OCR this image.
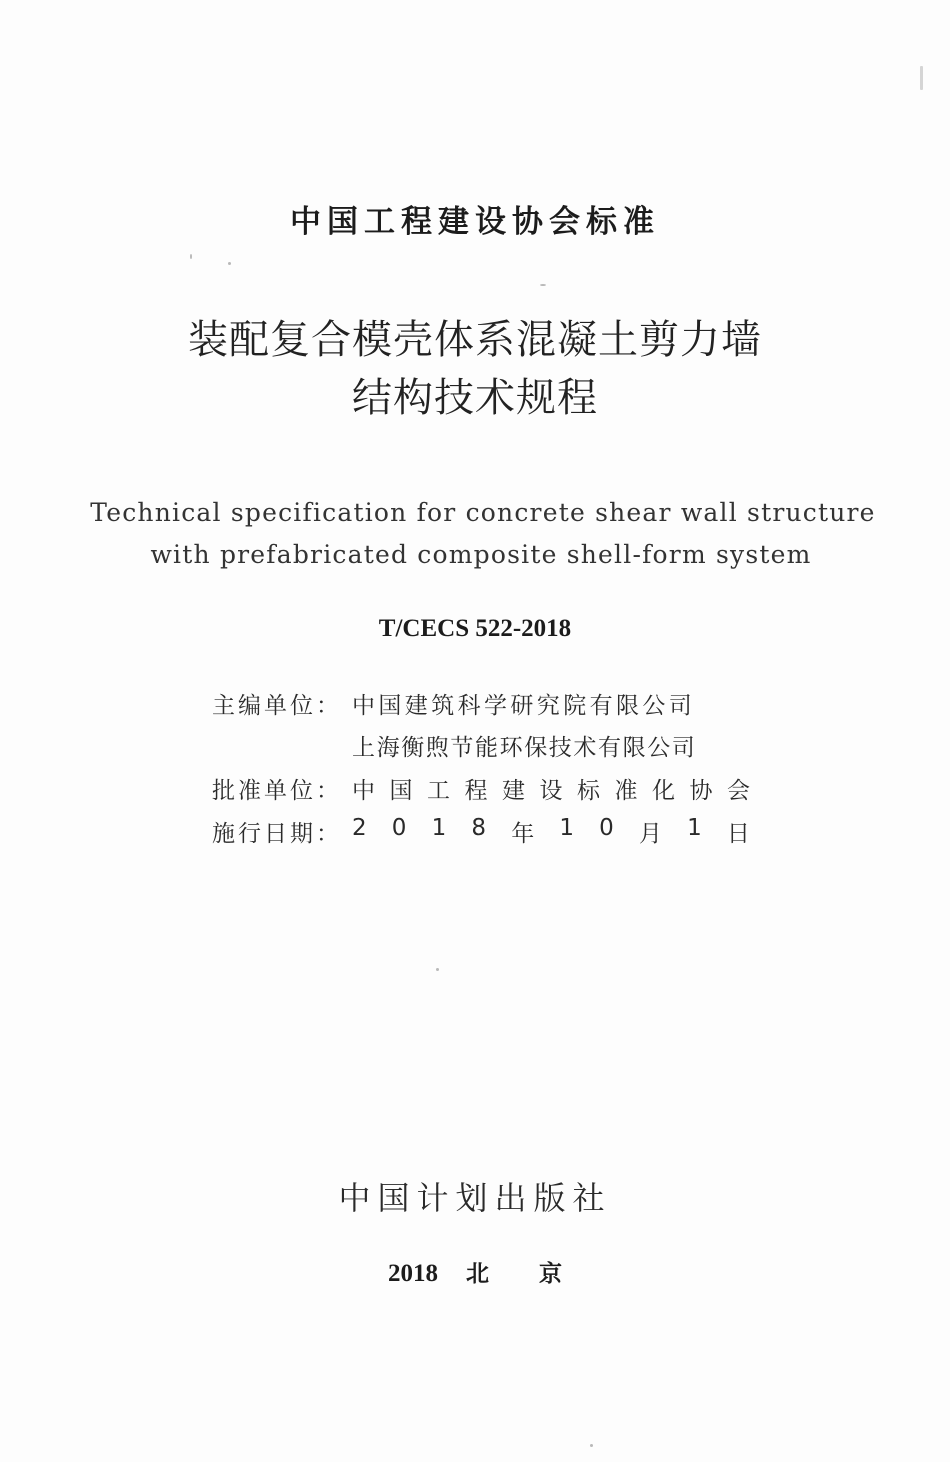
中国工程建设协会标准
装配复合模壳体系混凝土剪力墙
结构技术规程
Technical specification for concrete shear wall structure
with prefabricated composite shell-form system
T/CECS 522-2018
主编单位： 中国建筑科学研究院有限公司
上海衡煦节能环保技术有限公司
批准单位： 中 国 工 程 建 设 标 准 化 协 会
施行日期： 2 0 1 8 年 1 0 月 1 日
中国计划出版社
2018 北 京
